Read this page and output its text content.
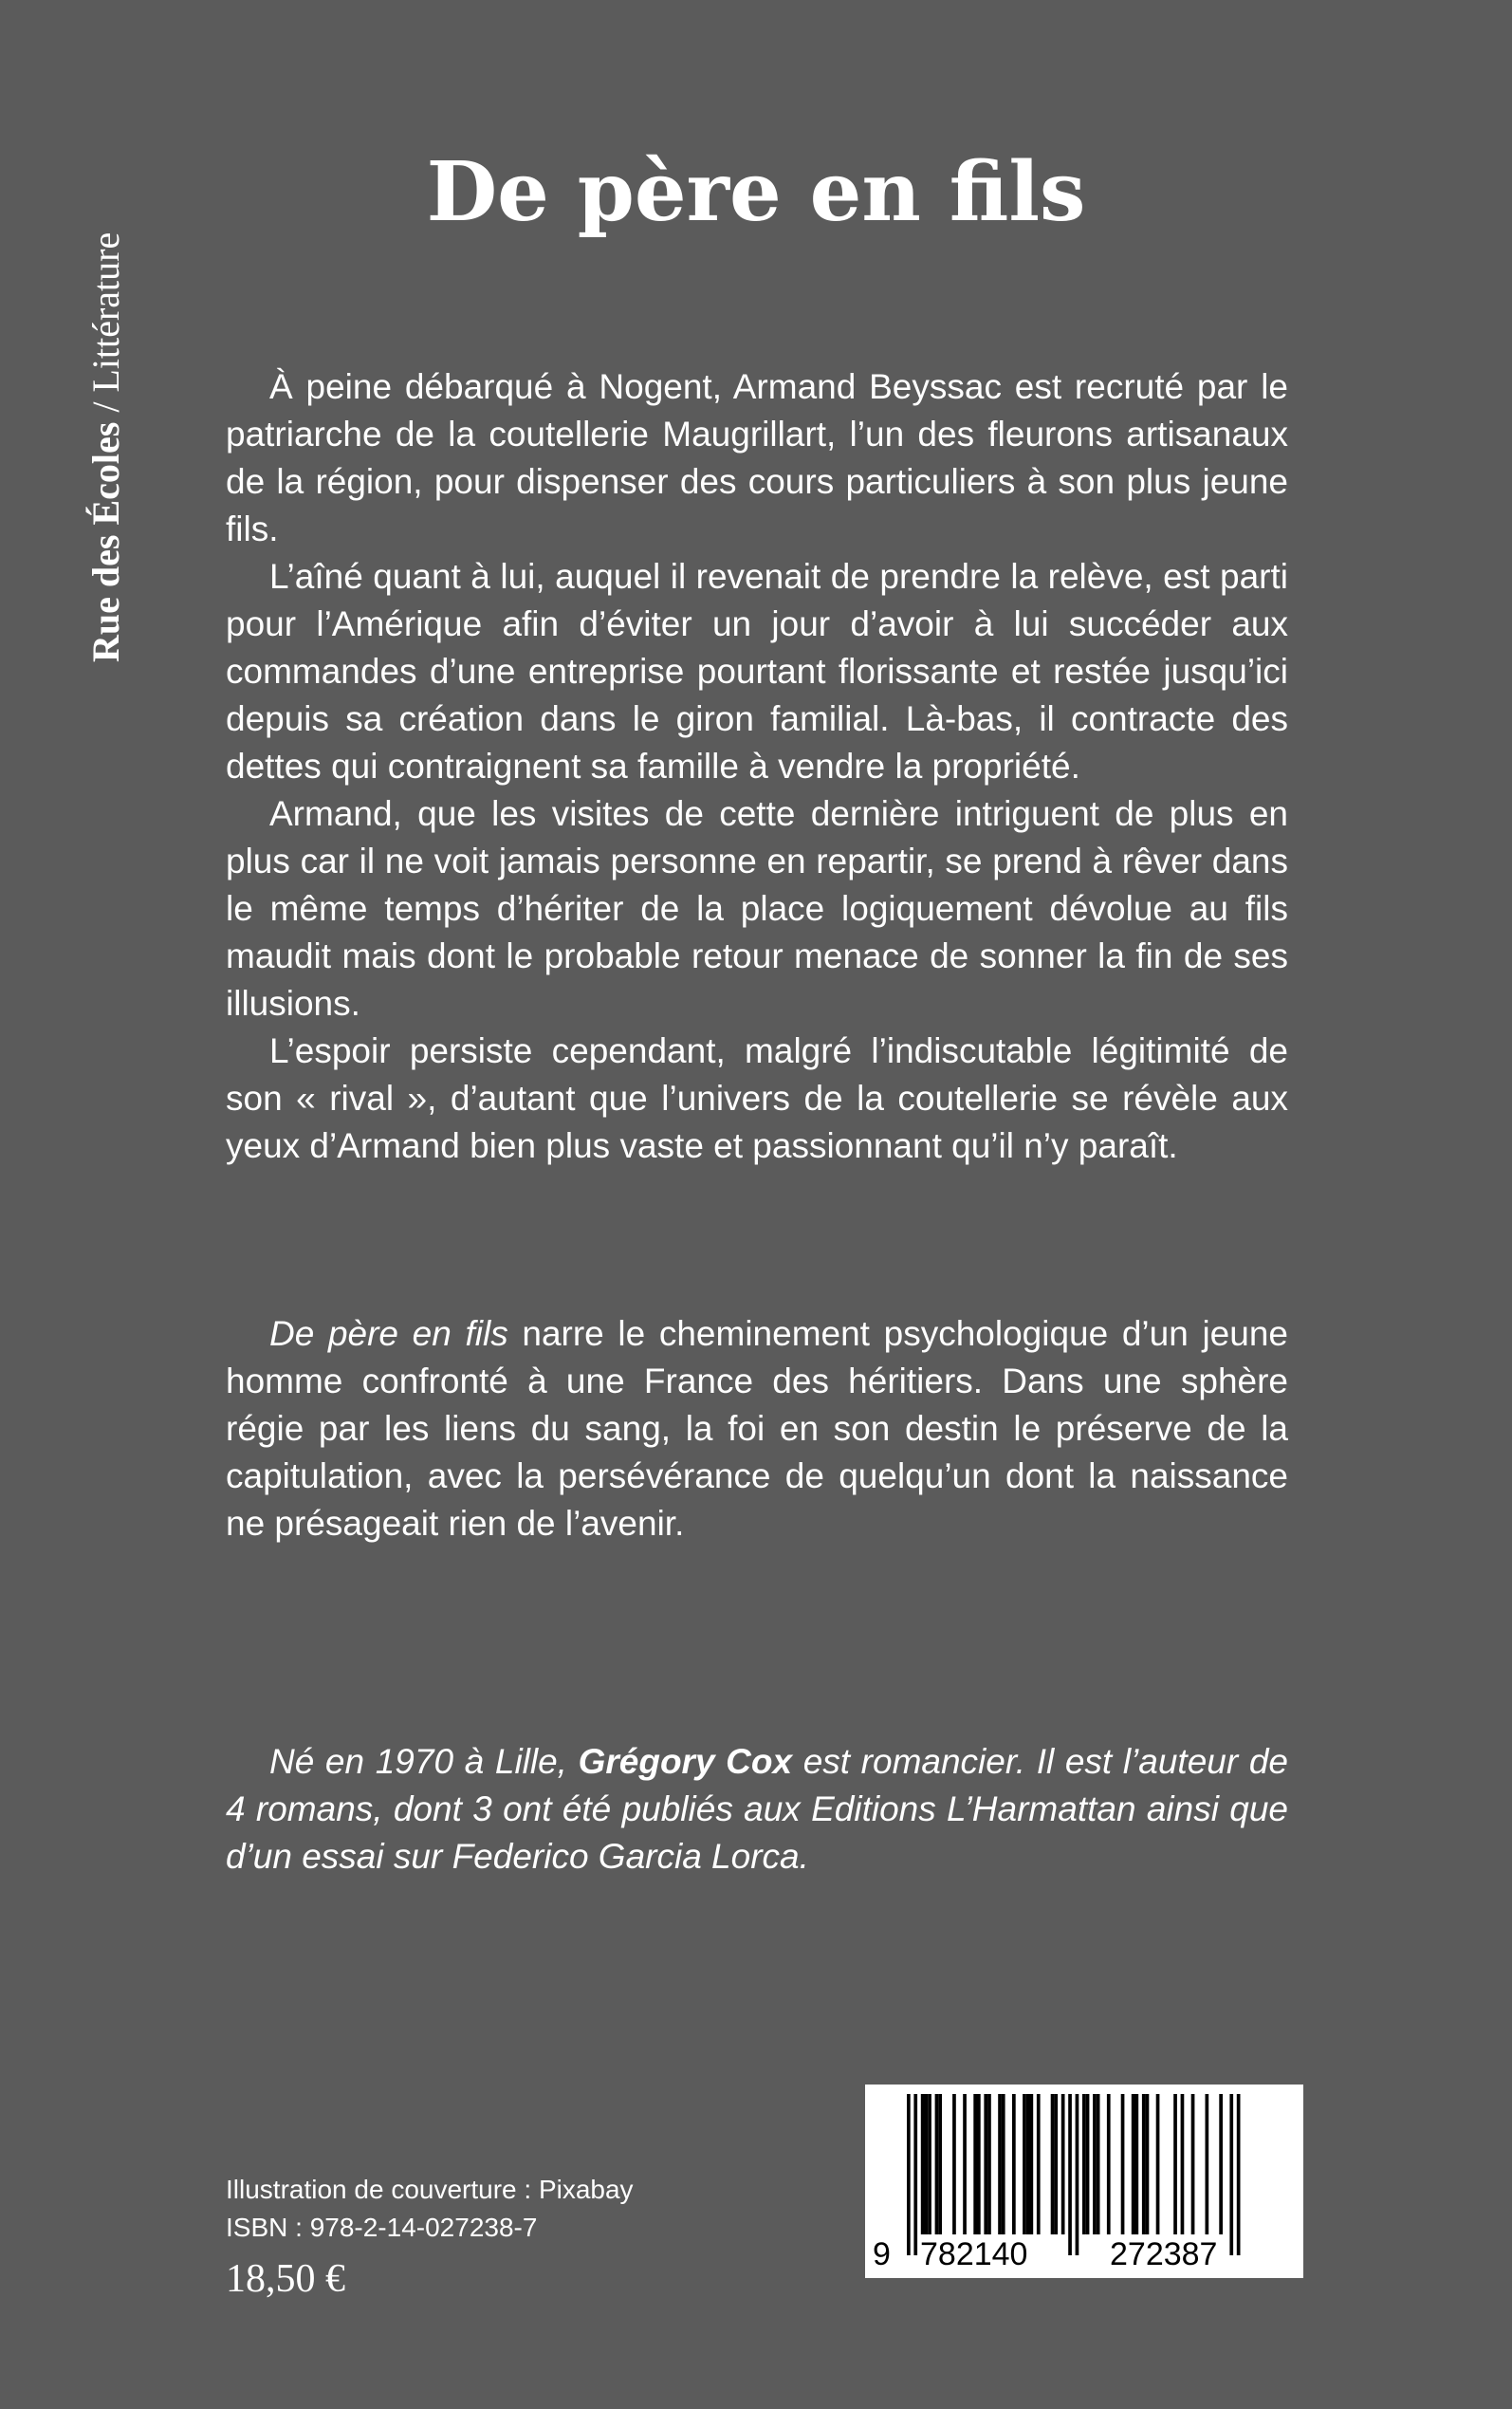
Rue des Écoles / Littérature
De père en fils

À peine débarqué à Nogent, Armand Beyssac est recruté par le patriarche de la coutellerie Maugrillart, l’un des fleurons artisanaux de la région, pour dispenser des cours particuliers à son plus jeune fils.

L’aîné quant à lui, auquel il revenait de prendre la relève, est parti pour l’Amérique afin d’éviter un jour d’avoir à lui succéder aux commandes d’une entreprise pourtant florissante et restée jusqu’ici depuis sa création dans le giron familial. Là-bas, il contracte des dettes qui contraignent sa famille à vendre la propriété.

Armand, que les visites de cette dernière intriguent de plus en plus car il ne voit jamais personne en repartir, se prend à rêver dans le même temps d’hériter de la place logiquement dévolue au fils maudit mais dont le probable retour menace de sonner la fin de ses illusions.

L’espoir persiste cependant, malgré l’indiscutable légitimité de son « rival », d’autant que l’univers de la coutellerie se révèle aux yeux d’Armand bien plus vaste et passionnant qu’il n’y paraît.

De père en fils narre le cheminement psychologique d’un jeune homme confronté à une France des héritiers. Dans une sphère régie par les liens du sang, la foi en son destin le préserve de la capitulation, avec la persévérance de quelqu’un dont la naissance ne présageait rien de l’avenir.

Né en 1970 à Lille, Grégory Cox est romancier. Il est l’auteur de 4 romans, dont 3 ont été publiés aux Editions L’Harmattan ainsi que d’un essai sur Federico Garcia Lorca.

Illustration de couverture : Pixabay
ISBN : 978-2-14-027238-7
18,50 €
9 782140	272387
